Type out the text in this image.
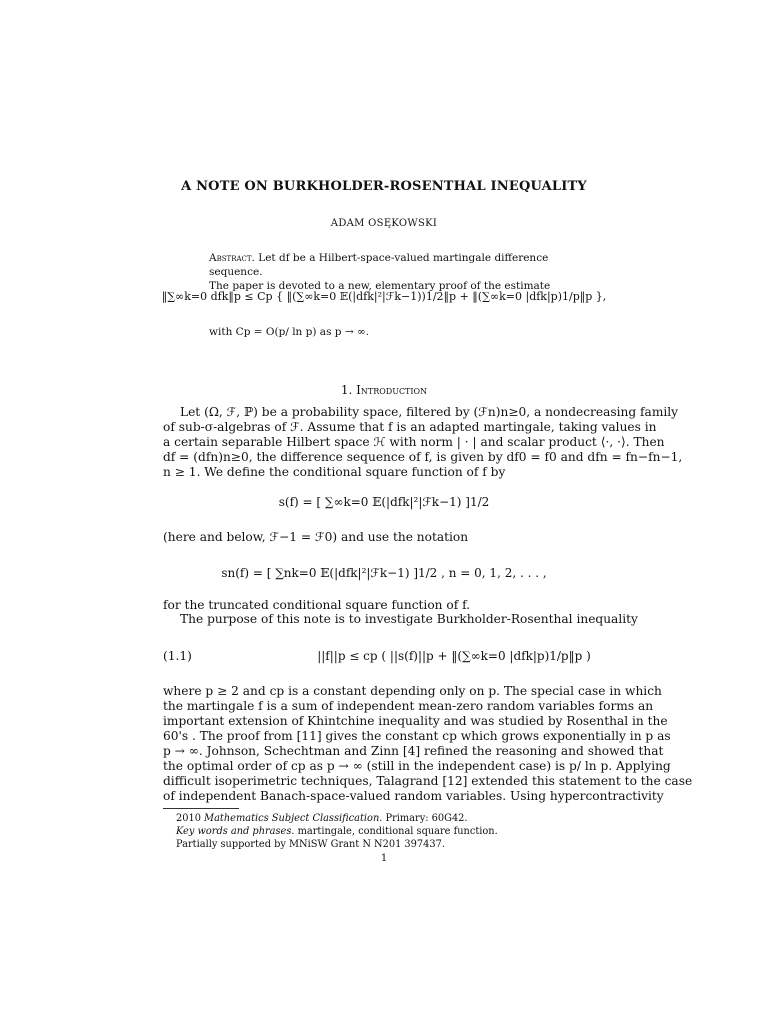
A NOTE ON BURKHOLDER-ROSENTHAL INEQUALITY
ADAM OSĘKOWSKI
Abstract. Let df be a Hilbert-space-valued martingale difference sequence.
The paper is devoted to a new, elementary proof of the estimate
‖∑∞k=0 dfk‖p ≤ Cp { ‖(∑∞k=0 𝔼(|dfk|²|ℱk−1))1/2‖p + ‖(∑∞k=0 |dfk|p)1/p‖p },
with Cp = O(p/ ln p) as p → ∞.
1. Introduction
Let (Ω, ℱ, ℙ) be a probability space, filtered by (ℱn)n≥0, a nondecreasing family
of sub-σ-algebras of ℱ. Assume that f is an adapted martingale, taking values in
a certain separable Hilbert space ℋ with norm | · | and scalar product ⟨·, ·⟩. Then
df = (dfn)n≥0, the difference sequence of f, is given by df0 = f0 and dfn = fn−fn−1,
n ≥ 1. We define the conditional square function of f by
s(f) = [ ∑∞k=0 𝔼(|dfk|²|ℱk−1) ]1/2
(here and below, ℱ−1 = ℱ0) and use the notation
sn(f) = [ ∑nk=0 𝔼(|dfk|²|ℱk−1) ]1/2 , n = 0, 1, 2, . . . ,
for the truncated conditional square function of f.
The purpose of this note is to investigate Burkholder-Rosenthal inequality
(1.1)	||f||p ≤ cp ( ||s(f)||p + ‖(∑∞k=0 |dfk|p)1/p‖p )
where p ≥ 2 and cp is a constant depending only on p. The special case in which
the martingale f is a sum of independent mean-zero random variables forms an
important extension of Khintchine inequality and was studied by Rosenthal in the
60's . The proof from [11] gives the constant cp which grows exponentially in p as
p → ∞. Johnson, Schechtman and Zinn [4] refined the reasoning and showed that
the optimal order of cp as p → ∞ (still in the independent case) is p/ ln p. Applying
difficult isoperimetric techniques, Talagrand [12] extended this statement to the case
of independent Banach-space-valued random variables. Using hypercontractivity
2010 Mathematics Subject Classification. Primary: 60G42.
Key words and phrases. martingale, conditional square function.
Partially supported by MNiSW Grant N N201 397437.
1
